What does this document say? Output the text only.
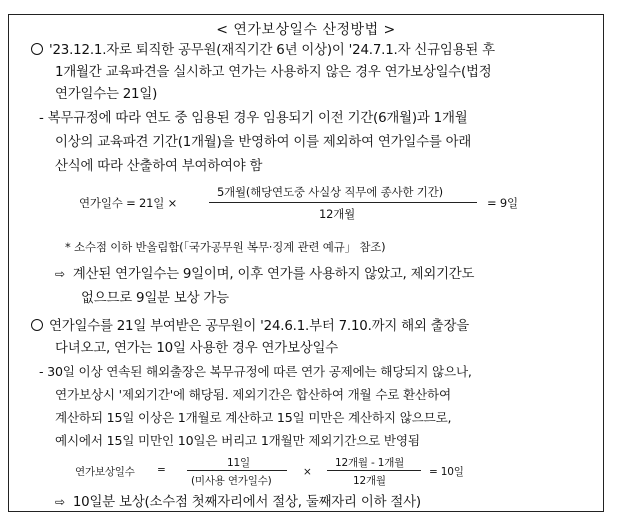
< 연가보상일수 산정방법 >
'23.12.1.자로 퇴직한 공무원(재직기간 6년 이상)이 '24.7.1.자 신규임용된 후
1개월간 교육파견을 실시하고 연가는 사용하지 않은 경우 연가보상일수(법정
연가일수는 21일)
- 복무규정에 따라 연도 중 임용된 경우 임용되기 이전 기간(6개월)과 1개월
이상의 교육파견 기간(1개월)을 반영하여 이를 제외하여 연가일수를 아래
산식에 따라 산출하여 부여하여야 함
연가일수 = 21일 ×
5개월(해당연도중 사실상 직무에 종사한 기간)
12개월
= 9일
* 소수점 이하 반올림함(「국가공무원 복무·징계 관련 예규」 참조)
⇨ 계산된 연가일수는 9일이며, 이후 연가를 사용하지 않았고, 제외기간도
없으므로 9일분 보상 가능
연가일수를 21일 부여받은 공무원이 '24.6.1.부터 7.10.까지 해외 출장을
다녀오고, 연가는 10일 사용한 경우 연가보상일수
- 30일 이상 연속된 해외출장은 복무규정에 따른 연가 공제에는 해당되지 않으나,
연가보상시 '제외기간'에 해당됨. 제외기간은 합산하여 개월 수로 환산하여
계산하되 15일 이상은 1개월로 계산하고 15일 미만은 계산하지 않으므로,
예시에서 15일 미만인 10일은 버리고 1개월만 제외기간으로 반영됨
연가보상일수 =
11일
(미사용 연가일수)
×
12개월 - 1개월
12개월
= 10일
⇨ 10일분 보상(소수점 첫째자리에서 절상, 둘째자리 이하 절사)
